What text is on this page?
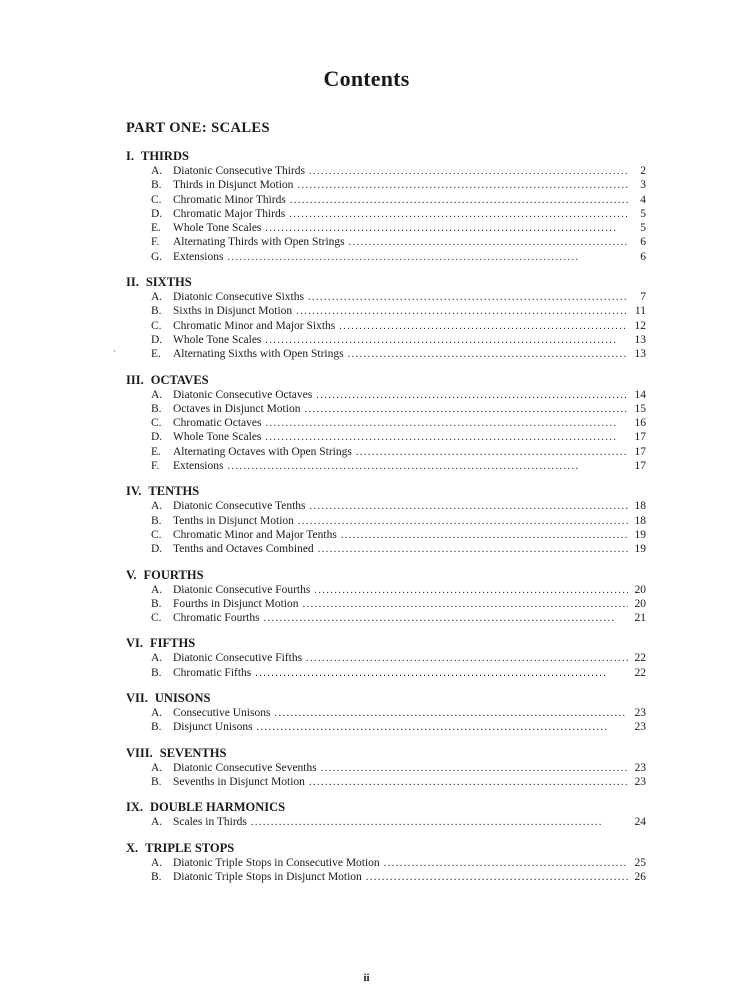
Contents
PART ONE: SCALES
`
I. THIRDS
A. Diatonic Consecutive Thirds . . .	2
B. Thirds in Disjunct Motion . . .	3
C. Chromatic Minor Thirds . . .	4
D. Chromatic Major Thirds . . .	5
E.	Whole Tone Scales . . .	5
F.	Alternating Thirds with Open Strings . . .	6
G. Extensions . . .	6
II. SIXTHS
A. Diatonic Consecutive Sixths . . .	7
B. Sixths in Disjunct Motion . . .	11
C. Chromatic Minor and Major Sixths . . .	12
D. Whole Tone Scales . . .	13
E.	Alternating Sixths with Open Strings . . .	13
III. OCTAVES
A. Diatonic Consecutive Octaves . . .	14
B. Octaves in Disjunct Motion . . .	15
C. Chromatic Octaves . . .	16
D. Whole Tone Scales . . .	17
E.	Alternating Octaves with Open Strings . . .	17
F.	Extensions . . .	17
IV. TENTHS
A. Diatonic Consecutive Tenths . . .	18
B. Tenths in Disjunct Motion . . .	18
C. Chromatic Minor and Major Tenths . . .	19
D. Tenths and Octaves Combined . . .	19
V. FOURTHS
A. Diatonic Consecutive Fourths . . .	20
B. Fourths in Disjunct Motion . . .	20
C. Chromatic Fourths . . .	21
VI. FIFTHS
A. Diatonic Consecutive Fifths . . .	22
B. Chromatic Fifths . . .	22
VII. UNISONS
A. Consecutive Unisons . . .	23
B. Disjunct Unisons . . .	23
VIII. SEVENTHS
A. Diatonic Consecutive Sevenths . . .	23
B. Sevenths in Disjunct Motion . . .	23
IX. DOUBLE HARMONICS
A. Scales in Thirds . . .	24
X. TRIPLE STOPS
A. Diatonic Triple Stops in Consecutive Motion . . .	25
B. Diatonic Triple Stops in Disjunct Motion . . .	26
ii
